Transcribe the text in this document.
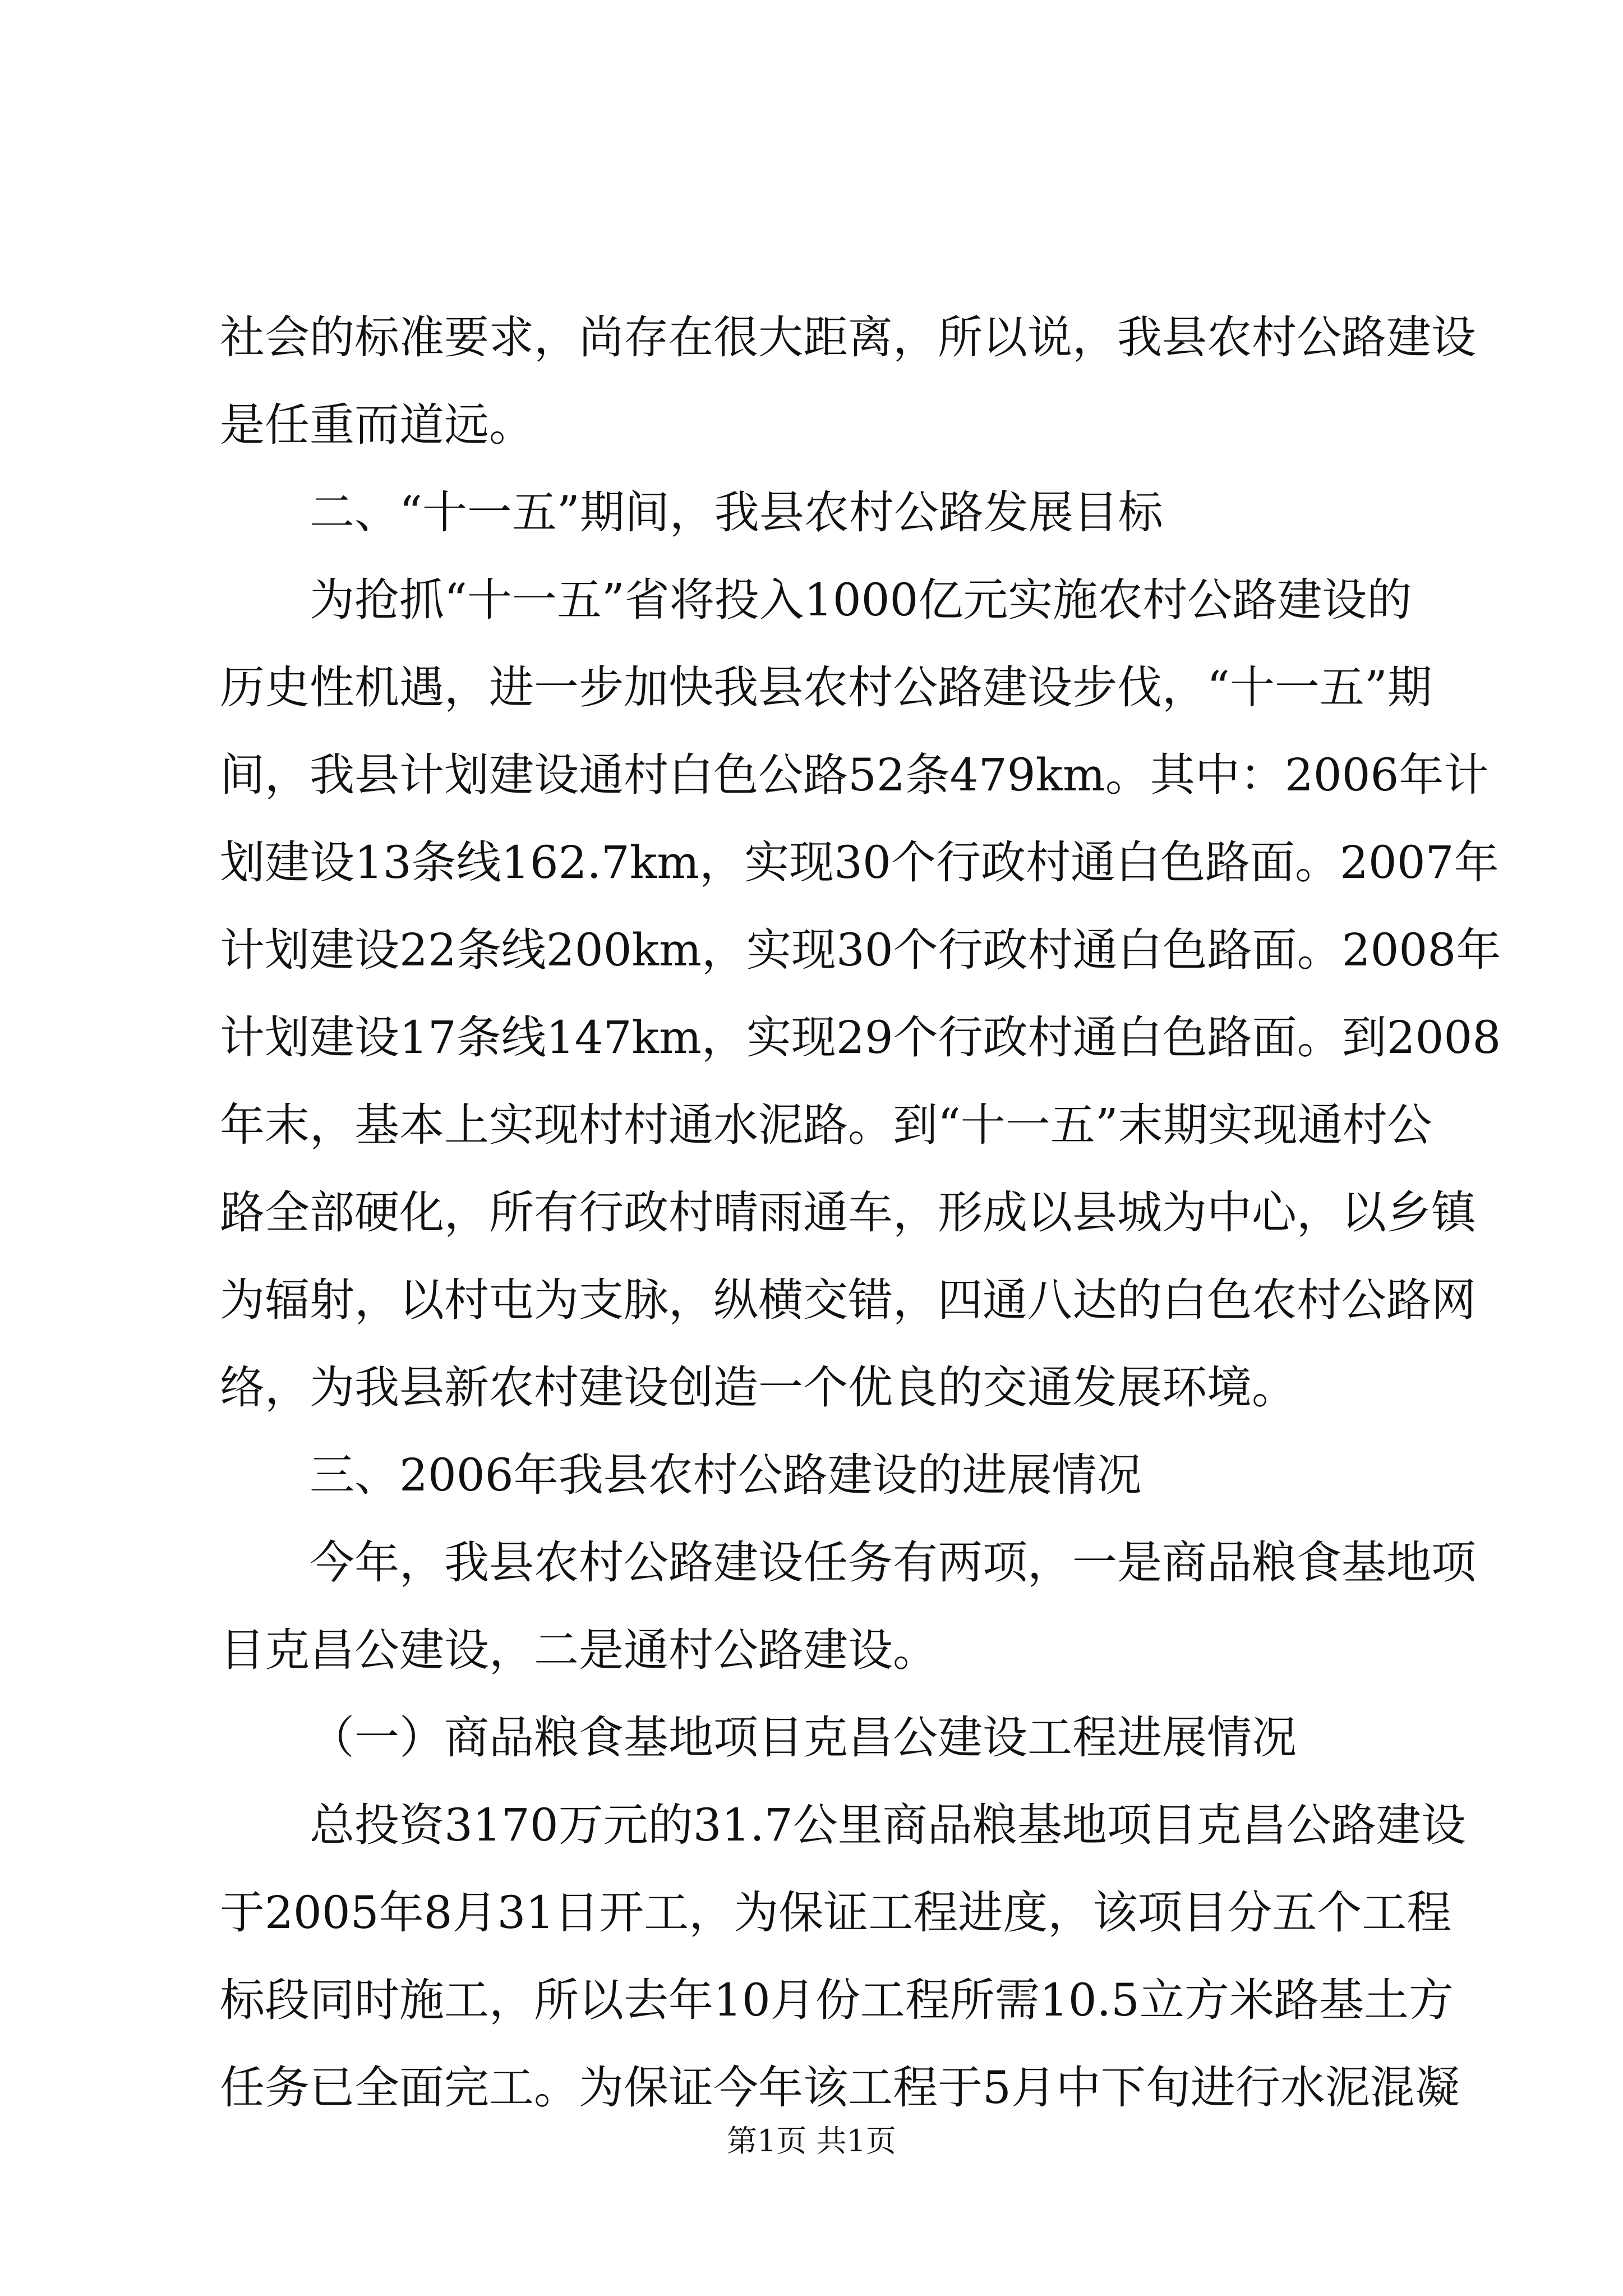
社会的标准要求，尚存在很大距离，所以说，我县农村公路建设

是任重而道远。

二、“十一五”期间，我县农村公路发展目标

为抢抓“十一五”省将投入1000亿元实施农村公路建设的

历史性机遇，进一步加快我县农村公路建设步伐，“十一五”期

间，我县计划建设通村白色公路52条479km。其中：2006年计

划建设13条线162.7km，实现30个行政村通白色路面。2007年

计划建设22条线200km，实现30个行政村通白色路面。2008年

计划建设17条线147km，实现29个行政村通白色路面。到2008

年末，基本上实现村村通水泥路。到“十一五”末期实现通村公

路全部硬化，所有行政村晴雨通车，形成以县城为中心，以乡镇

为辐射，以村屯为支脉，纵横交错，四通八达的白色农村公路网

络，为我县新农村建设创造一个优良的交通发展环境。

三、2006年我县农村公路建设的进展情况

今年，我县农村公路建设任务有两项，一是商品粮食基地项

目克昌公建设，二是通村公路建设。

（一）商品粮食基地项目克昌公建设工程进展情况

总投资3170万元的31.7公里商品粮基地项目克昌公路建设

于2005年8月31日开工，为保证工程进度，该项目分五个工程

标段同时施工，所以去年10月份工程所需10.5立方米路基土方

任务已全面完工。为保证今年该工程于5月中下旬进行水泥混凝

第1页 共1页
